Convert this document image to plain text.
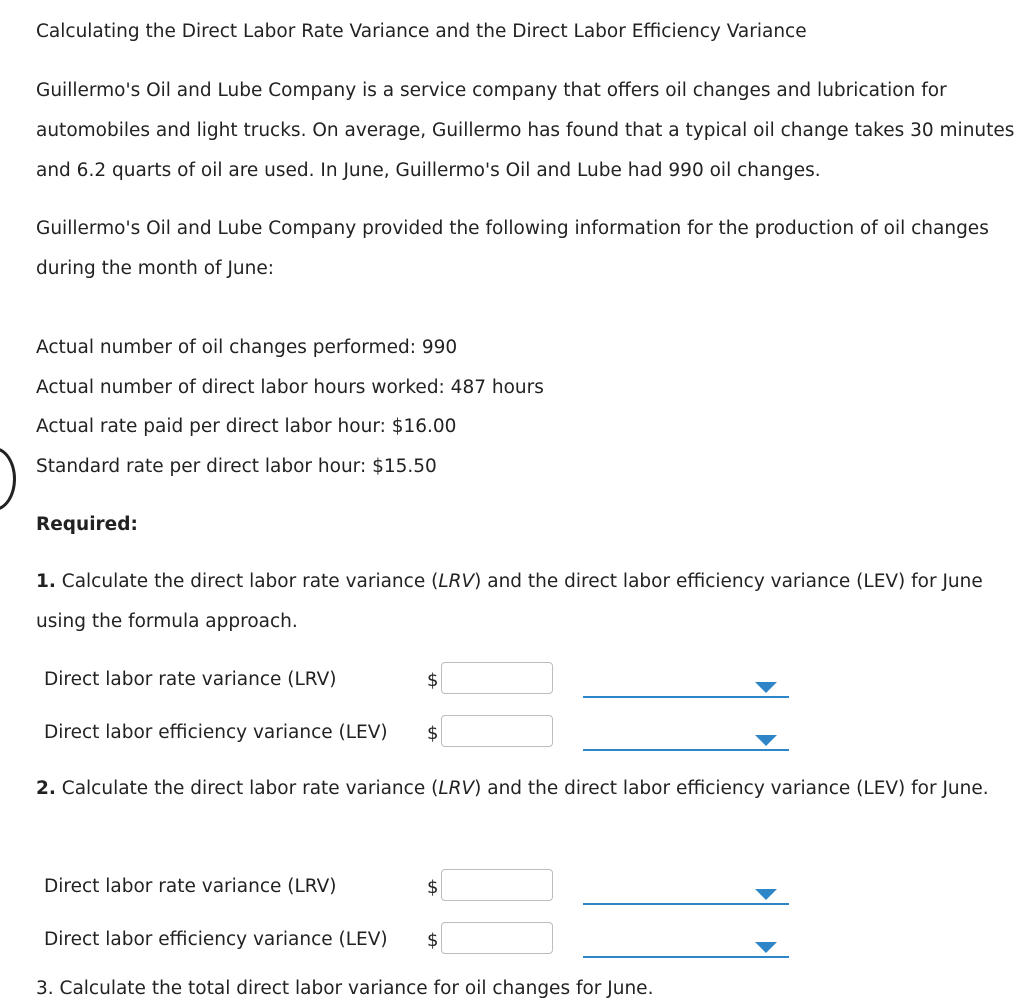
Calculating the Direct Labor Rate Variance and the Direct Labor Efficiency Variance
Guillermo's Oil and Lube Company is a service company that offers oil changes and lubrication for automobiles and light trucks. On average, Guillermo has found that a typical oil change takes 30 minutes and 6.2 quarts of oil are used. In June, Guillermo's Oil and Lube had 990 oil changes.
Guillermo's Oil and Lube Company provided the following information for the production of oil changes during the month of June:
Actual number of oil changes performed: 990
Actual number of direct labor hours worked: 487 hours
Actual rate paid per direct labor hour: $16.00
Standard rate per direct labor hour: $15.50
Required:
1. Calculate the direct labor rate variance (LRV) and the direct labor efficiency variance (LEV) for June using the formula approach.
Direct labor rate variance (LRV)	$
Direct labor efficiency variance (LEV) $
2. Calculate the direct labor rate variance (LRV) and the direct labor efficiency variance (LEV) for June.
Direct labor rate variance (LRV)	$
Direct labor efficiency variance (LEV) $
3. Calculate the total direct labor variance for oil changes for June.
